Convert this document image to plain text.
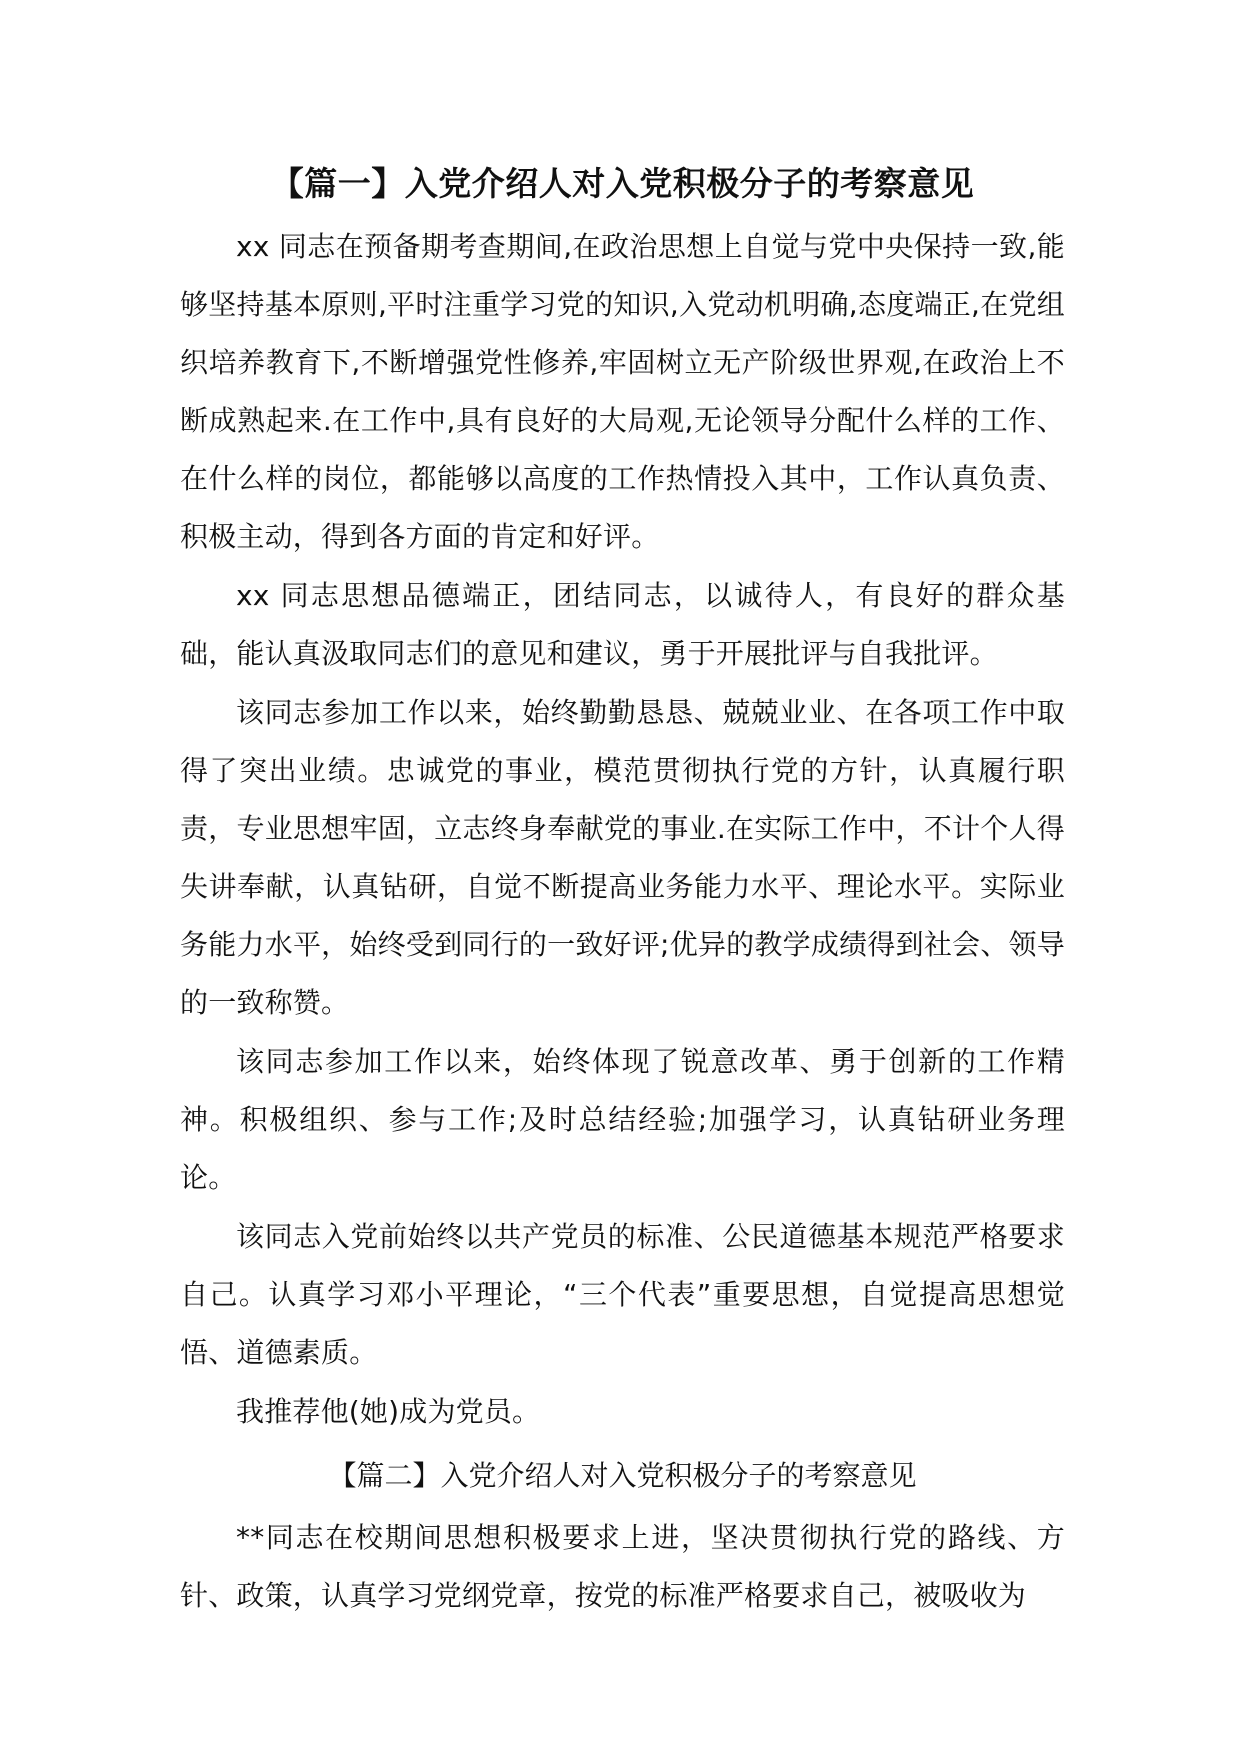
【篇一】入党介绍人对入党积极分子的考察意见

xx 同志在预备期考查期间,在政治思想上自觉与党中央保持一致,能够坚持基本原则,平时注重学习党的知识,入党动机明确,态度端正,在党组织培养教育下,不断增强党性修养,牢固树立无产阶级世界观,在政治上不断成熟起来.在工作中,具有良好的大局观,无论领导分配什么样的工作、在什么样的岗位，都能够以高度的工作热情投入其中，工作认真负责、积极主动，得到各方面的肯定和好评。

xx 同志思想品德端正，团结同志，以诚待人，有良好的群众基础，能认真汲取同志们的意见和建议，勇于开展批评与自我批评。

该同志参加工作以来，始终勤勤恳恳、兢兢业业、在各项工作中取得了突出业绩。忠诚党的事业，模范贯彻执行党的方针，认真履行职责，专业思想牢固，立志终身奉献党的事业.在实际工作中，不计个人得失讲奉献，认真钻研，自觉不断提高业务能力水平、理论水平。实际业务能力水平，始终受到同行的一致好评;优异的教学成绩得到社会、领导的一致称赞。

该同志参加工作以来，始终体现了锐意改革、勇于创新的工作精神。积极组织、参与工作;及时总结经验;加强学习，认真钻研业务理论。

该同志入党前始终以共产党员的标准、公民道德基本规范严格要求自己。认真学习邓小平理论，“三个代表”重要思想，自觉提高思想觉悟、道德素质。

我推荐他(她)成为党员。

【篇二】入党介绍人对入党积极分子的考察意见

**同志在校期间思想积极要求上进，坚决贯彻执行党的路线、方针、政策，认真学习党纲党章，按党的标准严格要求自己，被吸收为
